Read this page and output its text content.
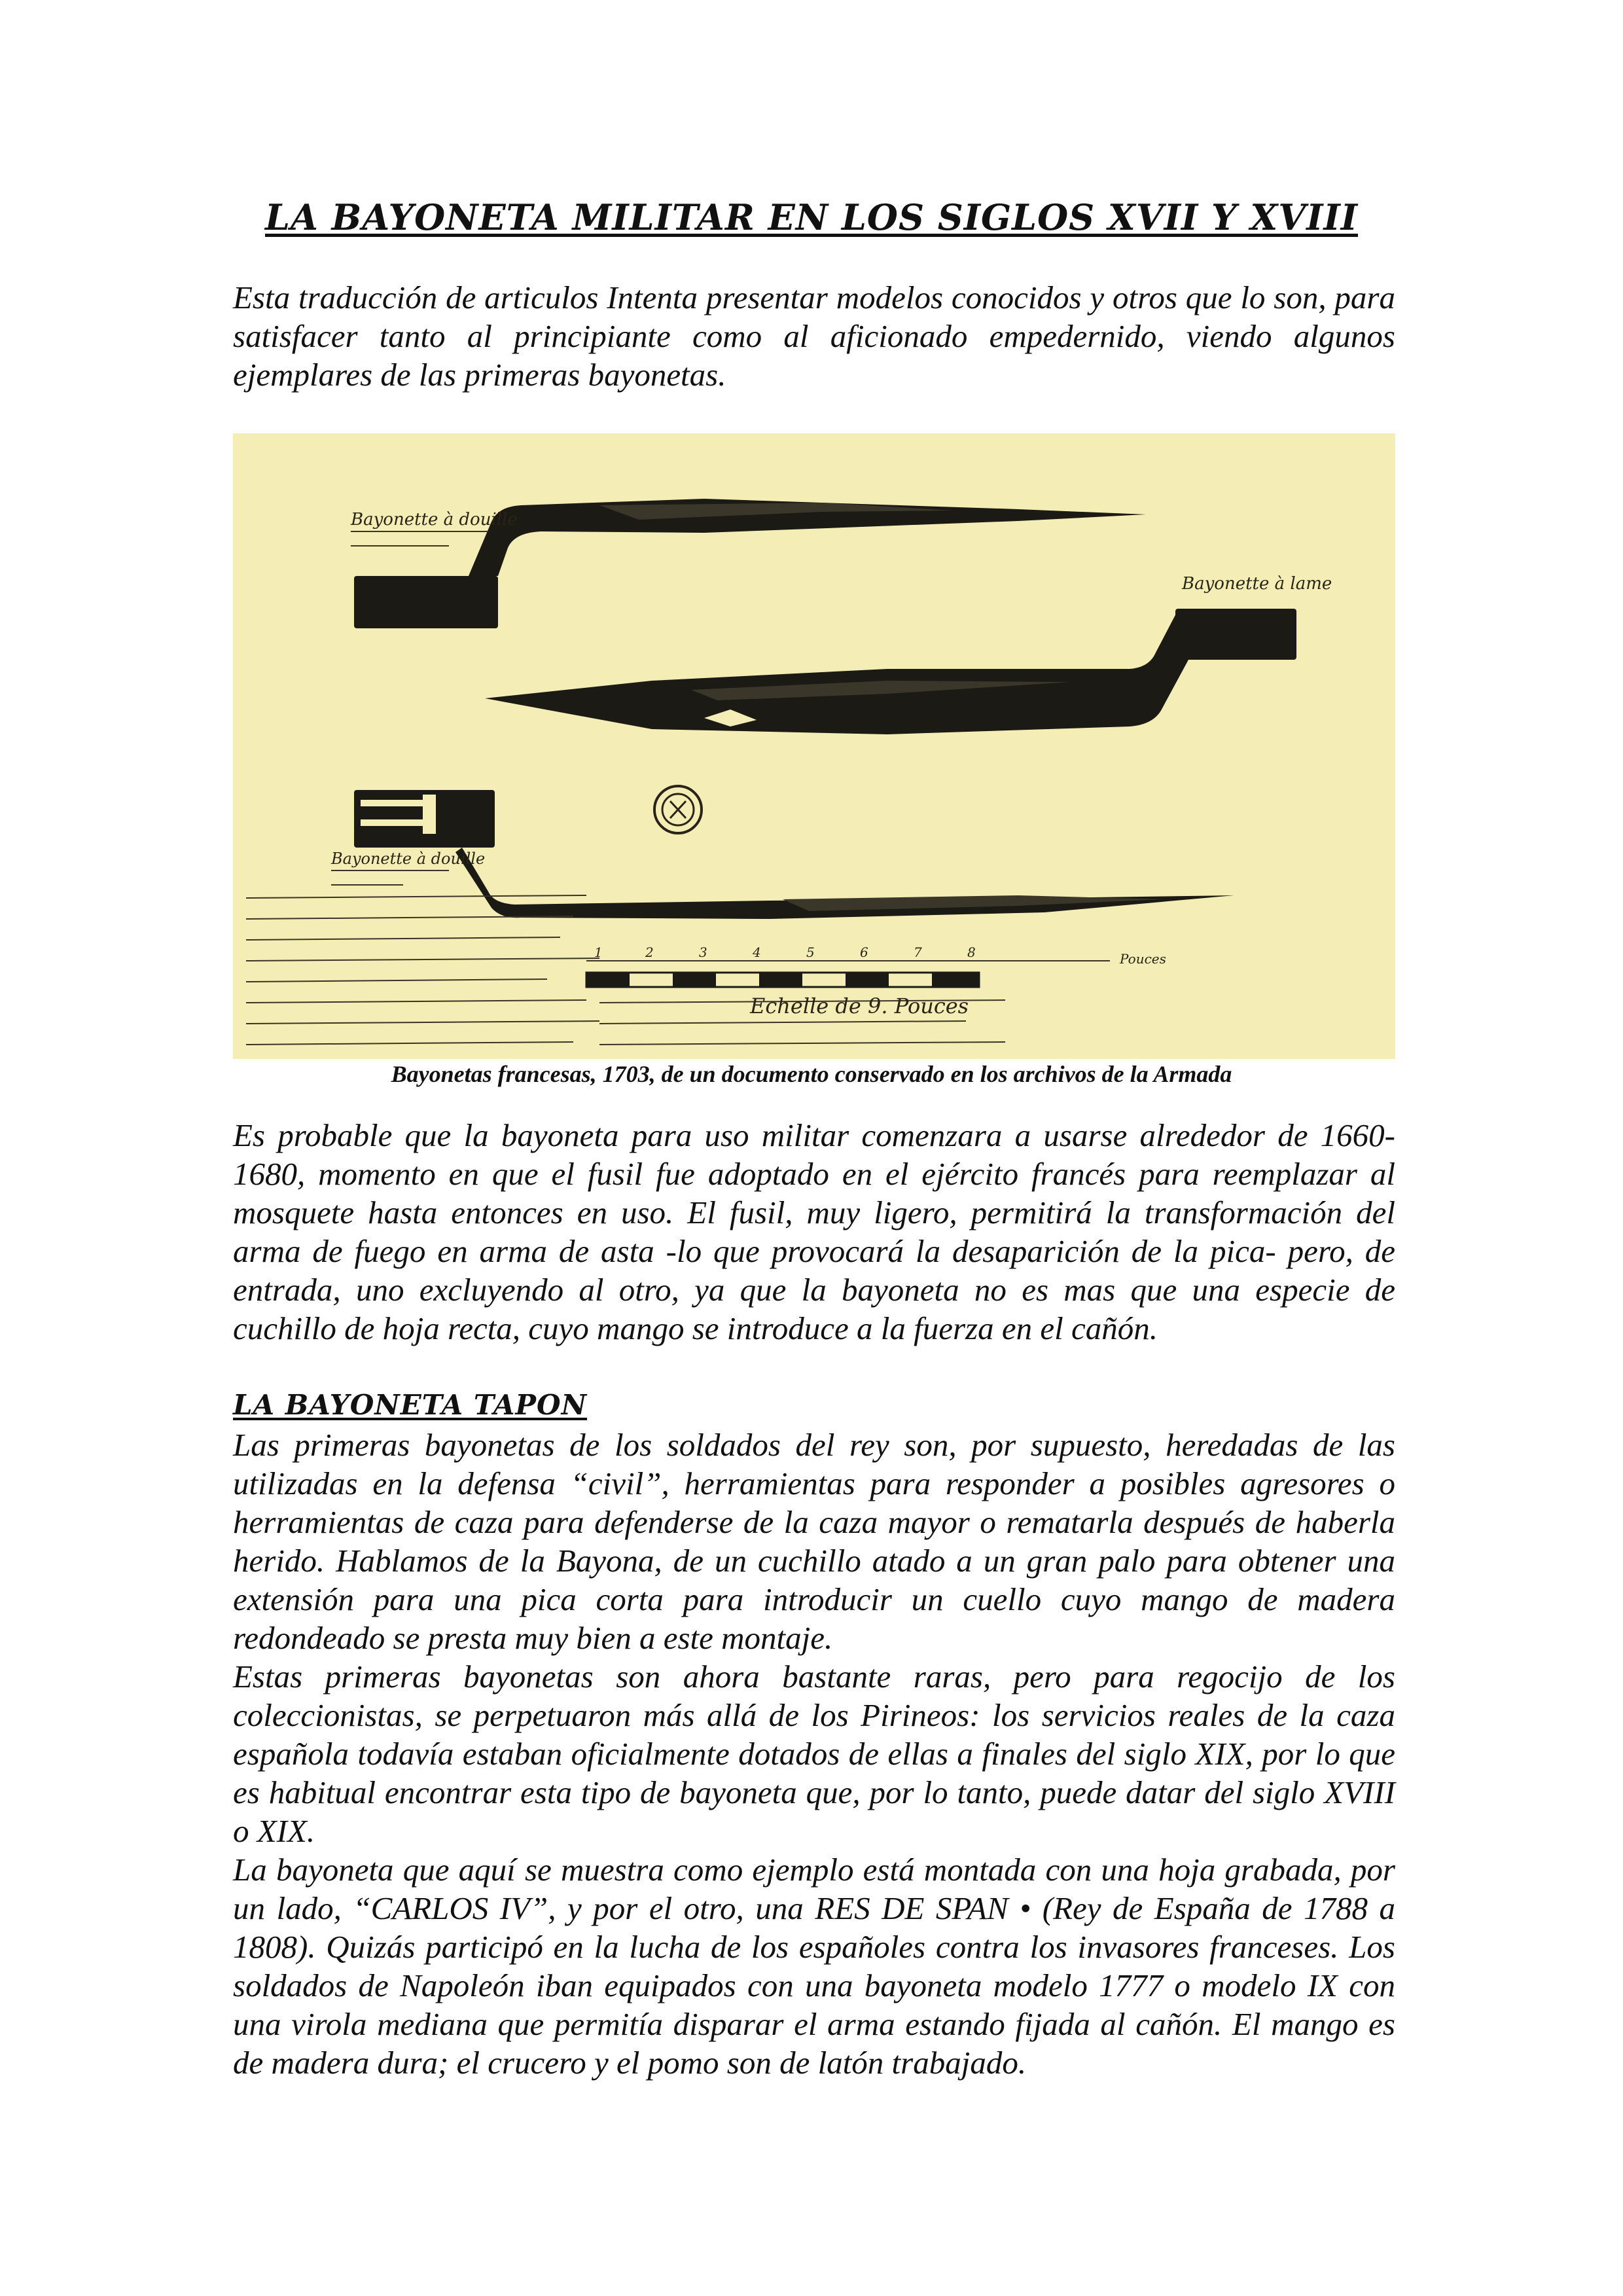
LA BAYONETA MILITAR EN LOS SIGLOS XVII Y XVIII

Esta traducción de articulos Intenta presentar modelos conocidos y otros que lo son, para satisfacer tanto al principiante como al aficionado empedernido, viendo algunos ejemplares de las primeras bayonetas.

Bayonette à douille
Bayonette à lame
Bayonette à douille
1	2	3	4	5	6	7	8	Pouces
Echelle de 9. Pouces
Bayonetas francesas, 1703, de un documento conservado en los archivos de la Armada

Es probable que la bayoneta para uso militar comenzara a usarse alrededor de 1660-1680, momento en que el fusil fue adoptado en el ejército francés para reemplazar al mosquete hasta entonces en uso. El fusil, muy ligero, permitirá la transformación del arma de fuego en arma de asta -lo que provocará la desaparición de la pica- pero, de entrada, uno excluyendo al otro, ya que la bayoneta no es mas que una especie de cuchillo de hoja recta, cuyo mango se introduce a la fuerza en el cañón.

LA BAYONETA TAPON

Las primeras bayonetas de los soldados del rey son, por supuesto, heredadas de las utilizadas en la defensa “civil”, herramientas para responder a posibles agresores o herramientas de caza para defenderse de la caza mayor o rematarla después de haberla herido. Hablamos de la Bayona, de un cuchillo atado a un gran palo para obtener una extensión para una pica corta para introducir un cuello cuyo mango de madera redondeado se presta muy bien a este montaje.

Estas primeras bayonetas son ahora bastante raras, pero para regocijo de los coleccionistas, se perpetuaron más allá de los Pirineos: los servicios reales de la caza española todavía estaban oficialmente dotados de ellas a finales del siglo XIX, por lo que es habitual encontrar esta tipo de bayoneta que, por lo tanto, puede datar del siglo XVIII o XIX.

La bayoneta que aquí se muestra como ejemplo está montada con una hoja grabada, por un lado, “CARLOS IV”, y por el otro, una RES DE SPAN • (Rey de España de 1788 a 1808). Quizás participó en la lucha de los españoles contra los invasores franceses. Los soldados de Napoleón iban equipados con una bayoneta modelo 1777 o modelo IX con una virola mediana que permitía disparar el arma estando fijada al cañón. El mango es de madera dura; el crucero y el pomo son de latón trabajado.
